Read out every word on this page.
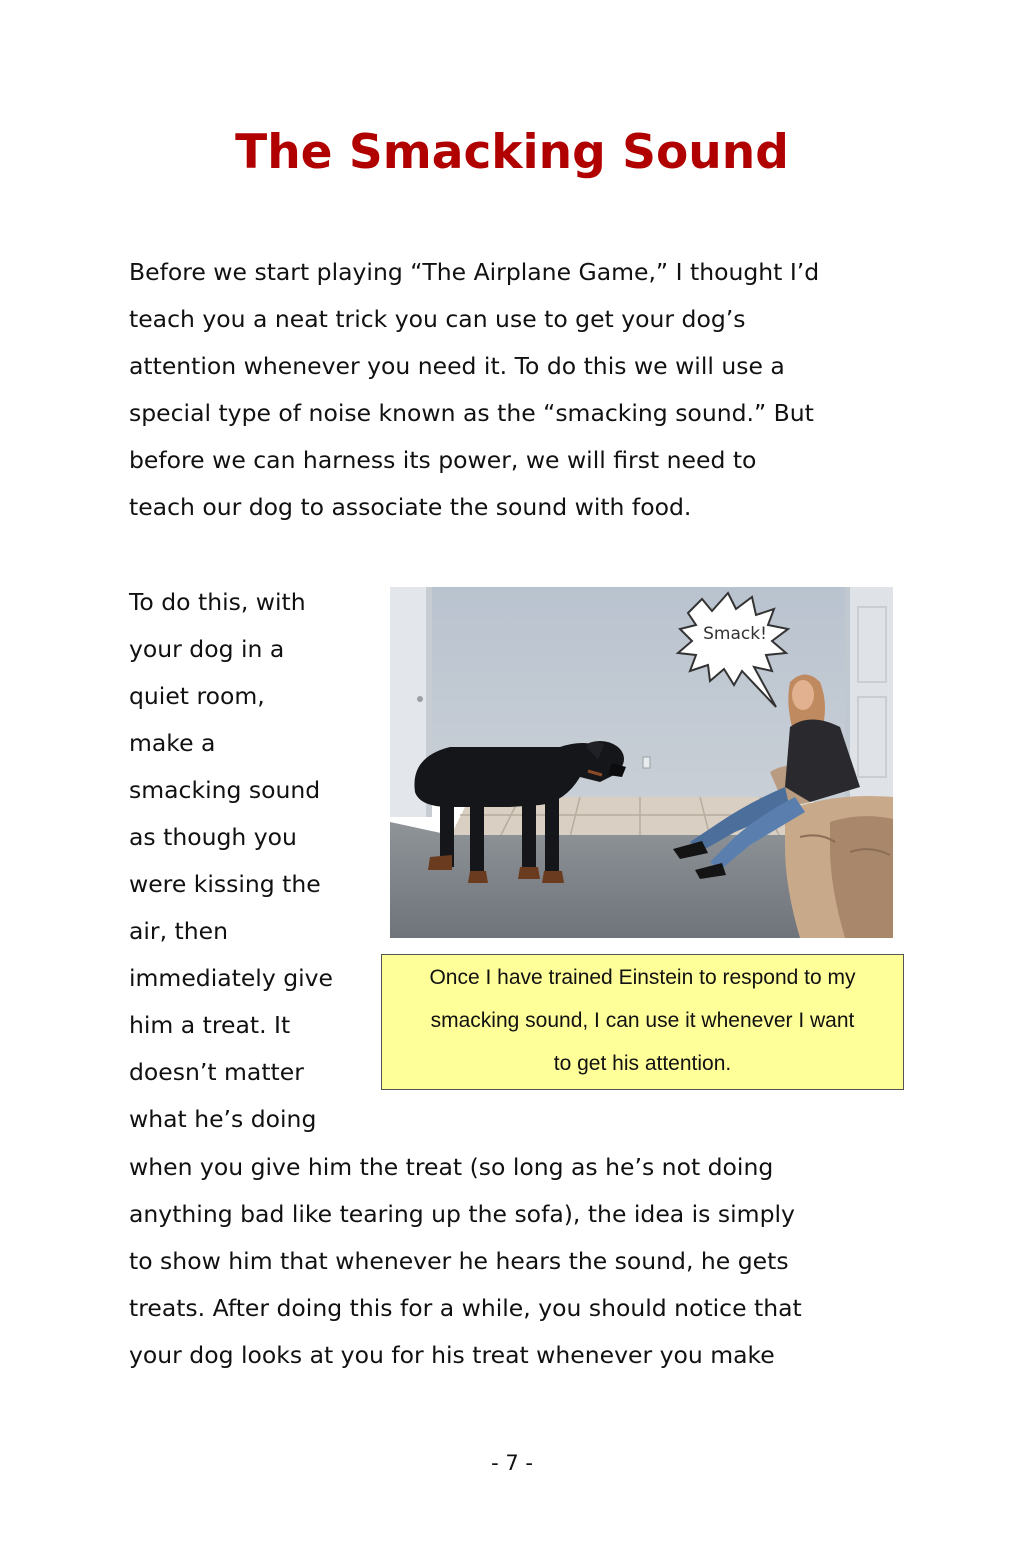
The Smacking Sound
Before we start playing “The Airplane Game,” I thought I’d
teach you a neat trick you can use to get your dog’s
attention whenever you need it. To do this we will use a
special type of noise known as the “smacking sound.” But
before we can harness its power, we will first need to
teach our dog to associate the sound with food.
To do this, with
your dog in a
quiet room,
make a
smacking sound
as though you
were kissing the
air, then
immediately give
him a treat. It
doesn’t matter
what he’s doing
Smack!
Once I have trained Einstein to respond to my
smacking sound, I can use it whenever I want
to get his attention.
when you give him the treat (so long as he’s not doing
anything bad like tearing up the sofa), the idea is simply
to show him that whenever he hears the sound, he gets
treats. After doing this for a while, you should notice that
your dog looks at you for his treat whenever you make
- 7 -
